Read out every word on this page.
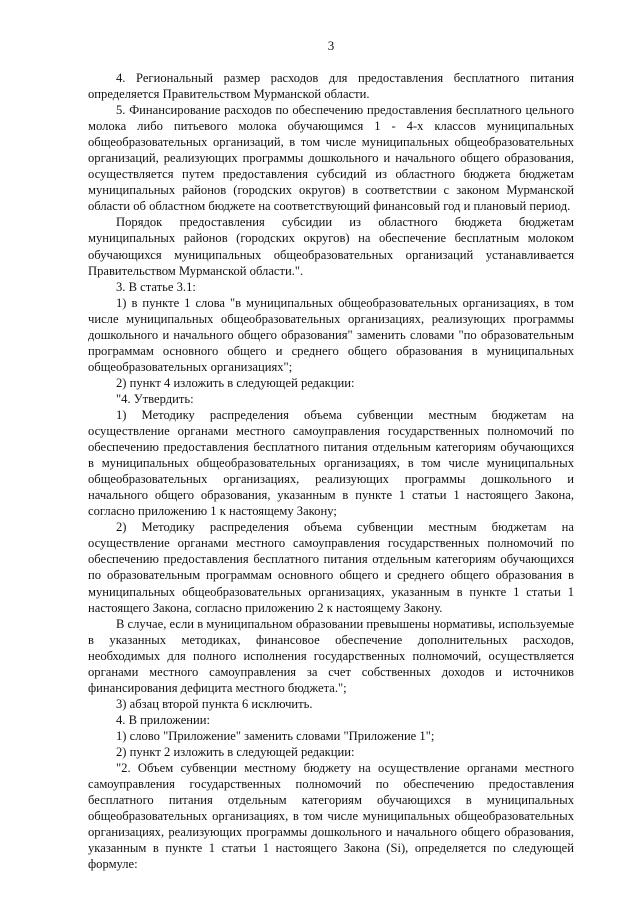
3

4. Региональный размер расходов для предоставления бесплатного питания определяется Правительством Мурманской области.

5. Финансирование расходов по обеспечению предоставления бесплатного цельного молока либо питьевого молока обучающимся 1 - 4-х классов муниципальных общеобразовательных организаций, в том числе муниципальных общеобразовательных организаций, реализующих программы дошкольного и начального общего образования, осуществляется путем предоставления субсидий из областного бюджета бюджетам муниципальных районов (городских округов) в соответствии с законом Мурманской области об областном бюджете на соответствующий финансовый год и плановый период.

Порядок предоставления субсидии из областного бюджета бюджетам муниципальных районов (городских округов) на обеспечение бесплатным молоком обучающихся муниципальных общеобразовательных организаций устанавливается Правительством Мурманской области.".

3. В статье 3.1:

1) в пункте 1 слова "в муниципальных общеобразовательных организациях, в том числе муниципальных общеобразовательных организациях, реализующих программы дошкольного и начального общего образования" заменить словами "по образовательным программам основного общего и среднего общего образования в муниципальных общеобразовательных организациях";

2) пункт 4 изложить в следующей редакции:

"4. Утвердить:

1) Методику распределения объема субвенции местным бюджетам на осуществление органами местного самоуправления государственных полномочий по обеспечению предоставления бесплатного питания отдельным категориям обучающихся в муниципальных общеобразовательных организациях, в том числе муниципальных общеобразовательных организациях, реализующих программы дошкольного и начального общего образования, указанным в пункте 1 статьи 1 настоящего Закона, согласно приложению 1 к настоящему Закону;

2) Методику распределения объема субвенции местным бюджетам на осуществление органами местного самоуправления государственных полномочий по обеспечению предоставления бесплатного питания отдельным категориям обучающихся по образовательным программам основного общего и среднего общего образования в муниципальных общеобразовательных организациях, указанным в пункте 1 статьи 1 настоящего Закона, согласно приложению 2 к настоящему Закону.

В случае, если в муниципальном образовании превышены нормативы, используемые в указанных методиках, финансовое обеспечение дополнительных расходов, необходимых для полного исполнения государственных полномочий, осуществляется органами местного самоуправления за счет собственных доходов и источников финансирования дефицита местного бюджета.";

3) абзац второй пункта 6 исключить.

4. В приложении:

1) слово "Приложение" заменить словами "Приложение 1";

2) пункт 2 изложить в следующей редакции:

"2. Объем субвенции местному бюджету на осуществление органами местного самоуправления государственных полномочий по обеспечению предоставления бесплатного питания отдельным категориям обучающихся в муниципальных общеобразовательных организациях, в том числе муниципальных общеобразовательных организациях, реализующих программы дошкольного и начального общего образования, указанным в пункте 1 статьи 1 настоящего Закона (Si), определяется по следующей формуле:
